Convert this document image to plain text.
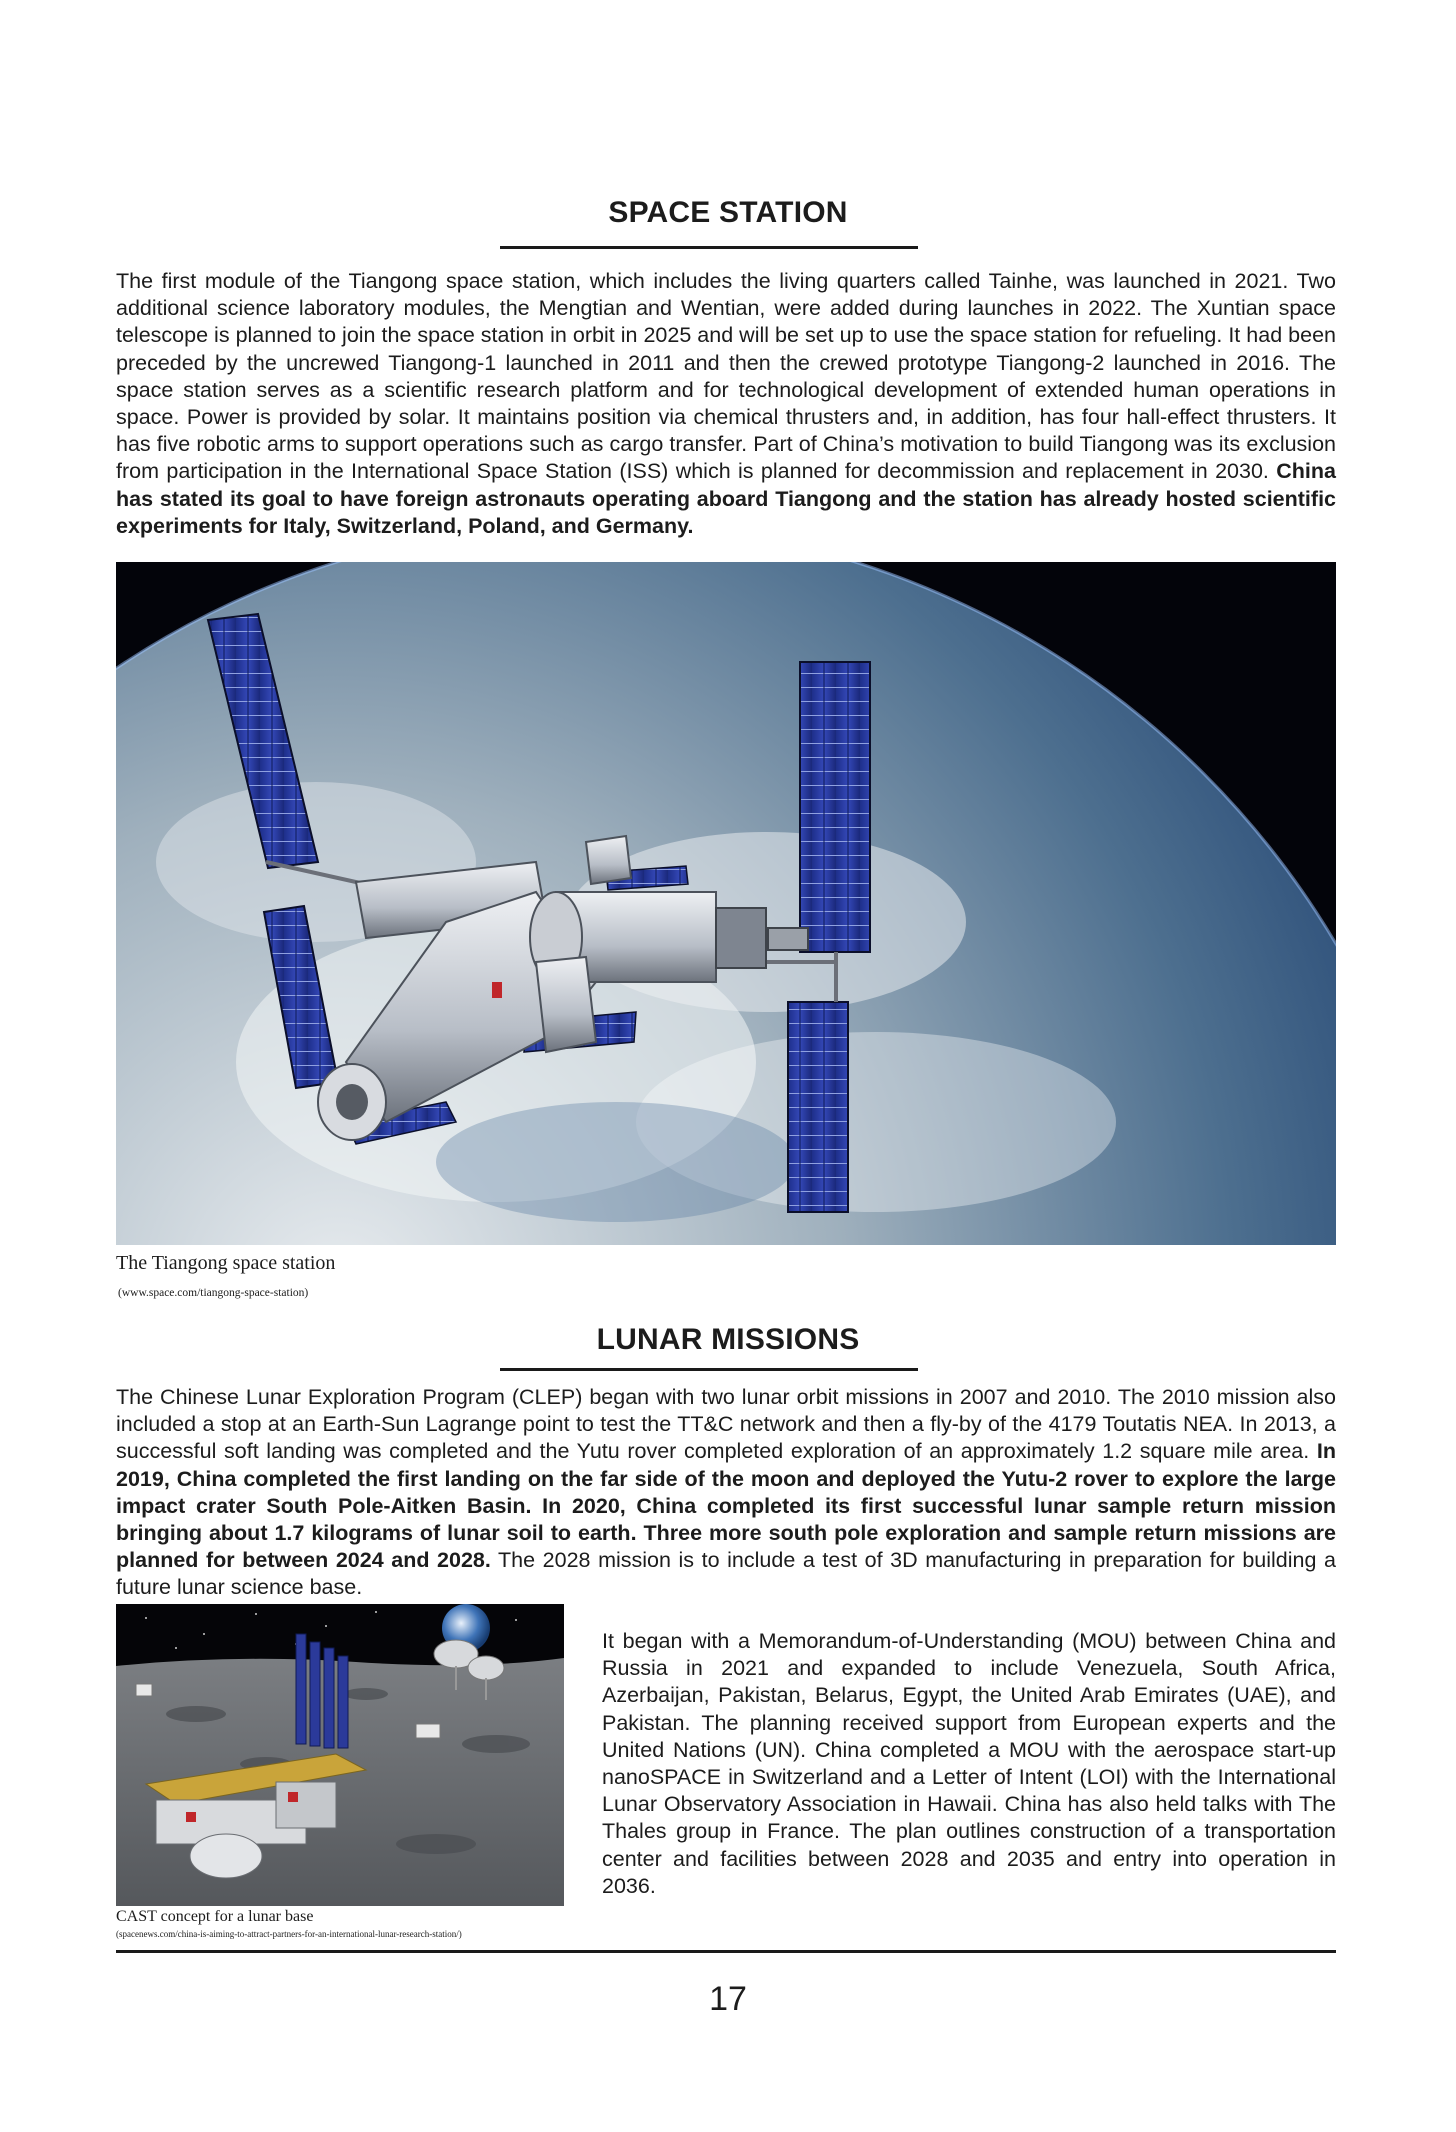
SPACE STATION
The first module of the Tiangong space station, which includes the living quarters called Tainhe, was launched in 2021. Two additional science laboratory modules, the Mengtian and Wentian, were added during launches in 2022. The Xuntian space telescope is planned to join the space station in orbit in 2025 and will be set up to use the space station for refueling. It had been preceded by the uncrewed Tiangong-1 launched in 2011 and then the crewed prototype Tiangong-2 launched in 2016. The space station serves as a scientific research platform and for technological development of extended human operations in space. Power is provided by solar. It maintains position via chemical thrusters and, in addition, has four hall-effect thrusters. It has five robotic arms to support operations such as cargo transfer. Part of China’s motivation to build Tiangong was its exclusion from participation in the International Space Station (ISS) which is planned for decommission and replacement in 2030. China has stated its goal to have foreign astronauts operating aboard Tiangong and the station has already hosted scientific experiments for Italy, Switzerland, Poland, and Germany.
The Tiangong space station
(www.space.com/tiangong-space-station)
LUNAR MISSIONS
The Chinese Lunar Exploration Program (CLEP) began with two lunar orbit missions in 2007 and 2010. The 2010 mission also included a stop at an Earth-Sun Lagrange point to test the TT&C network and then a fly-by of the 4179 Toutatis NEA. In 2013, a successful soft landing was completed and the Yutu rover completed exploration of an approximately 1.2 square mile area. In 2019, China completed the first landing on the far side of the moon and deployed the Yutu-2 rover to explore the large impact crater South Pole-Aitken Basin. In 2020, China completed its first successful lunar sample return mission bringing about 1.7 kilograms of lunar soil to earth. Three more south pole exploration and sample return missions are planned for between 2024 and 2028. The 2028 mission is to include a test of 3D manufacturing in preparation for building a future lunar science base.
CAST concept for a lunar base
(spacenews.com/china-is-aiming-to-attract-partners-for-an-international-lunar-research-station/)
It began with a Memorandum-of-Understanding (MOU) between China and Russia in 2021 and expanded to include Venezuela, South Africa, Azerbaijan, Pakistan, Belarus, Egypt, the United Arab Emirates (UAE), and Pakistan. The planning received support from European experts and the United Nations (UN). China completed a MOU with the aerospace start-up nanoSPACE in Switzerland and a Letter of Intent (LOI) with the International Lunar Observatory Association in Hawaii. China has also held talks with The Thales group in France. The plan outlines construction of a transportation center and facilities between 2028 and 2035 and entry into operation in 2036.
17
